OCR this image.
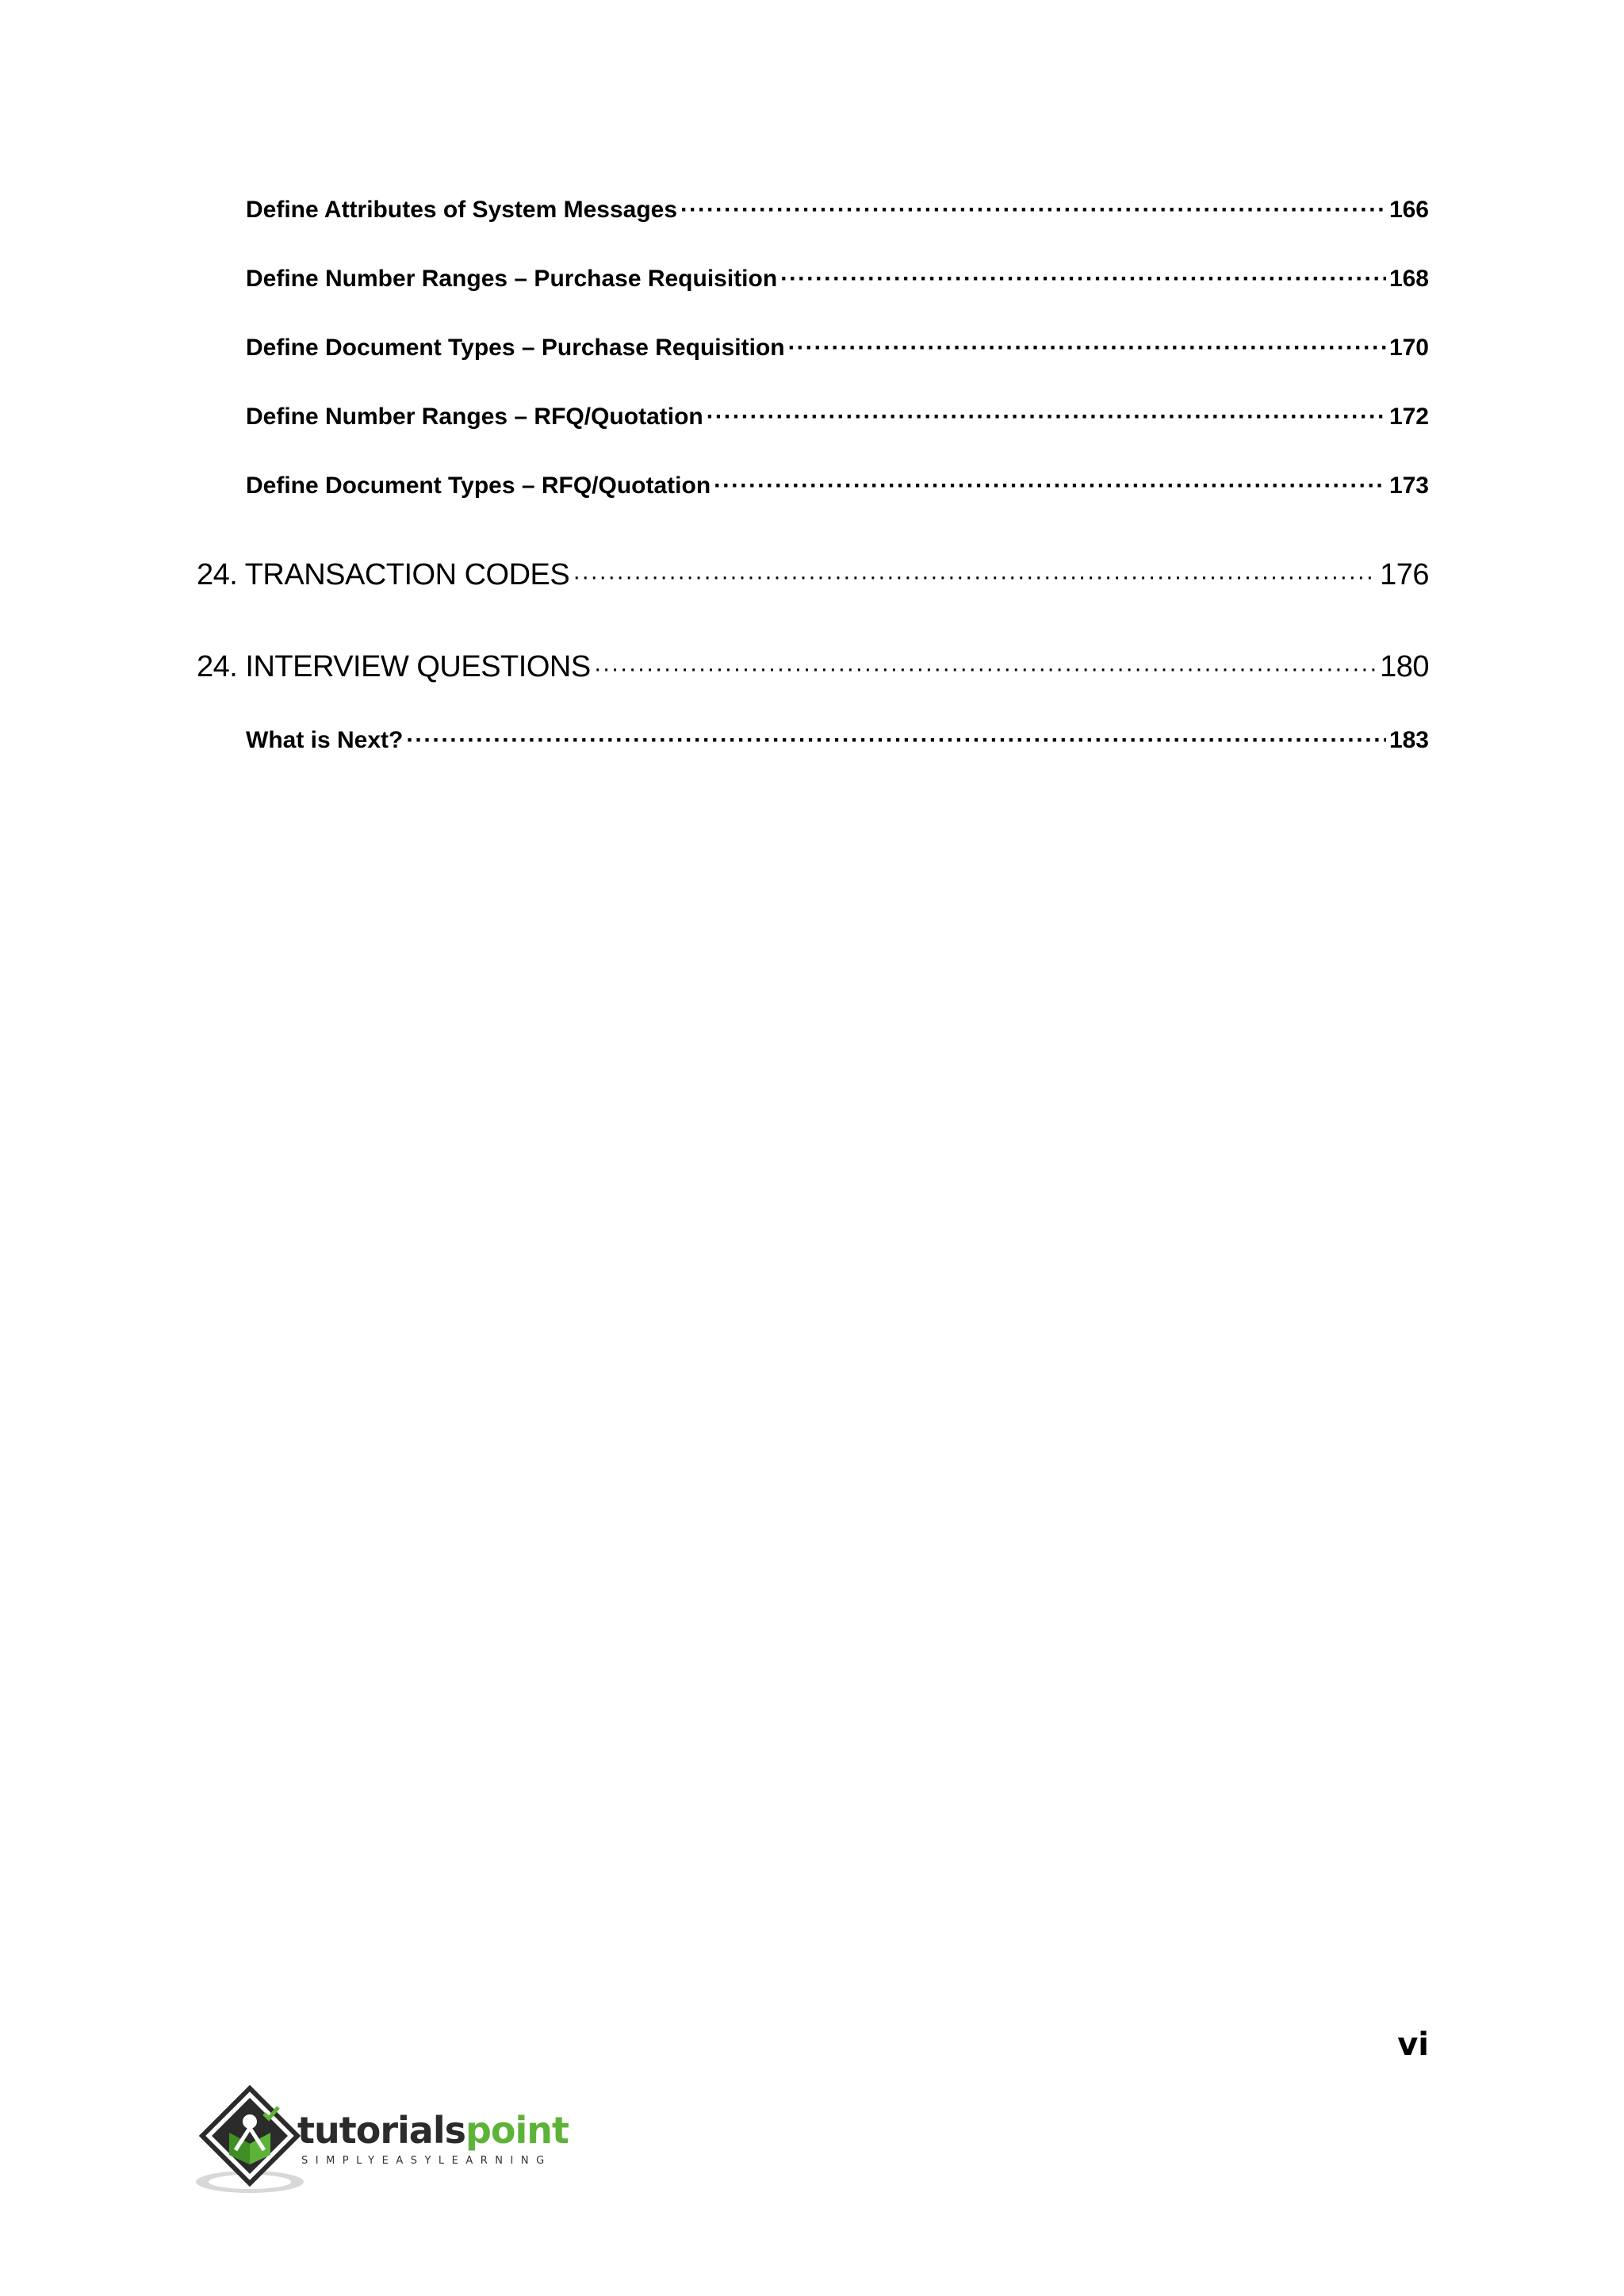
Define Attributes of System Messages ·····	166
Define Number Ranges – Purchase Requisition ·····	168
Define Document Types – Purchase Requisition ·····	170
Define Number Ranges – RFQ/Quotation ·····	172
Define Document Types – RFQ/Quotation ·····	173
24. TRANSACTION CODES ·····	176
24. INTERVIEW QUESTIONS ·····	180
What is Next? ·····	183
vi
tutorialspoint
SIMPLYEASYLEARNING
